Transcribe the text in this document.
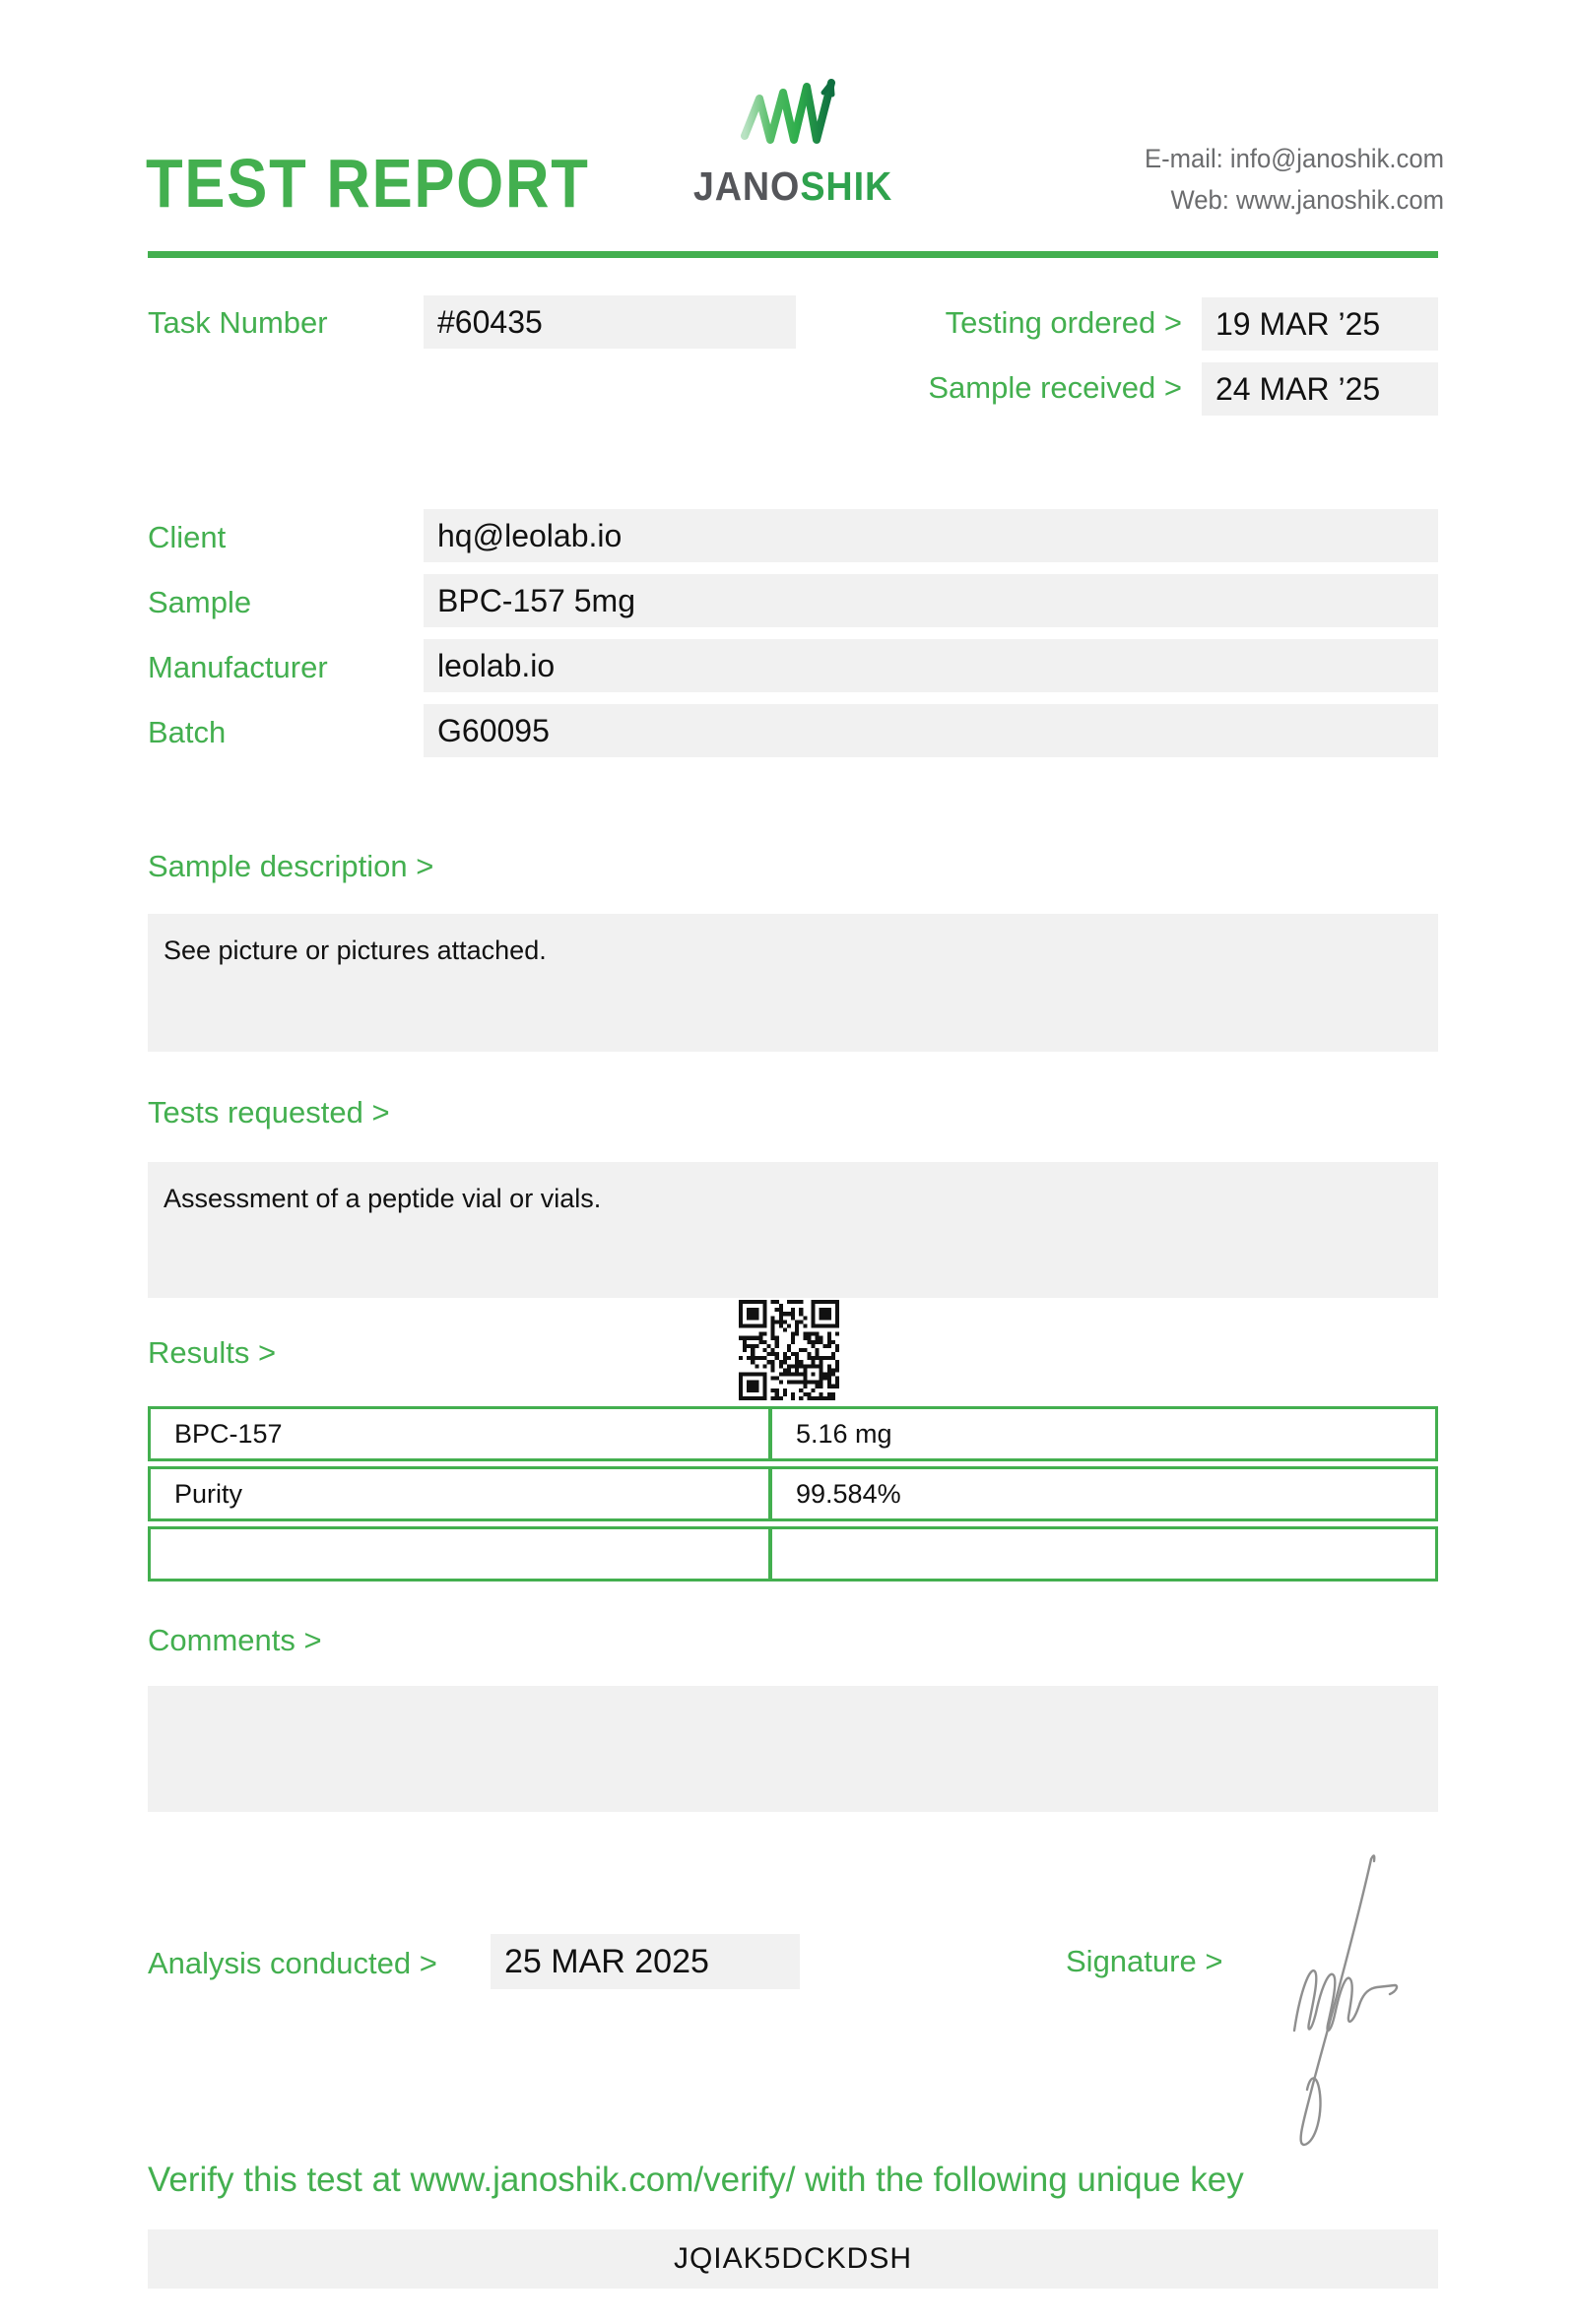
TEST REPORT	JANOSHIK
E-mail: info@janoshik.com
Web: www.janoshik.com
Task Number	#60435	Testing ordered >	19 MAR ’25
Sample received >	24 MAR ’25
Client	hq@leolab.io
Sample	BPC-157 5mg
Manufacturer	leolab.io
Batch	G60095
Sample description >
See picture or pictures attached.
Tests requested >
Assessment of a peptide vial or vials.
Results >
BPC-157	5.16 mg
Purity	99.584%
Comments >
Analysis conducted >	25 MAR 2025	Signature >
Verify this test at www.janoshik.com/verify/ with the following unique key
JQIAK5DCKDSH
